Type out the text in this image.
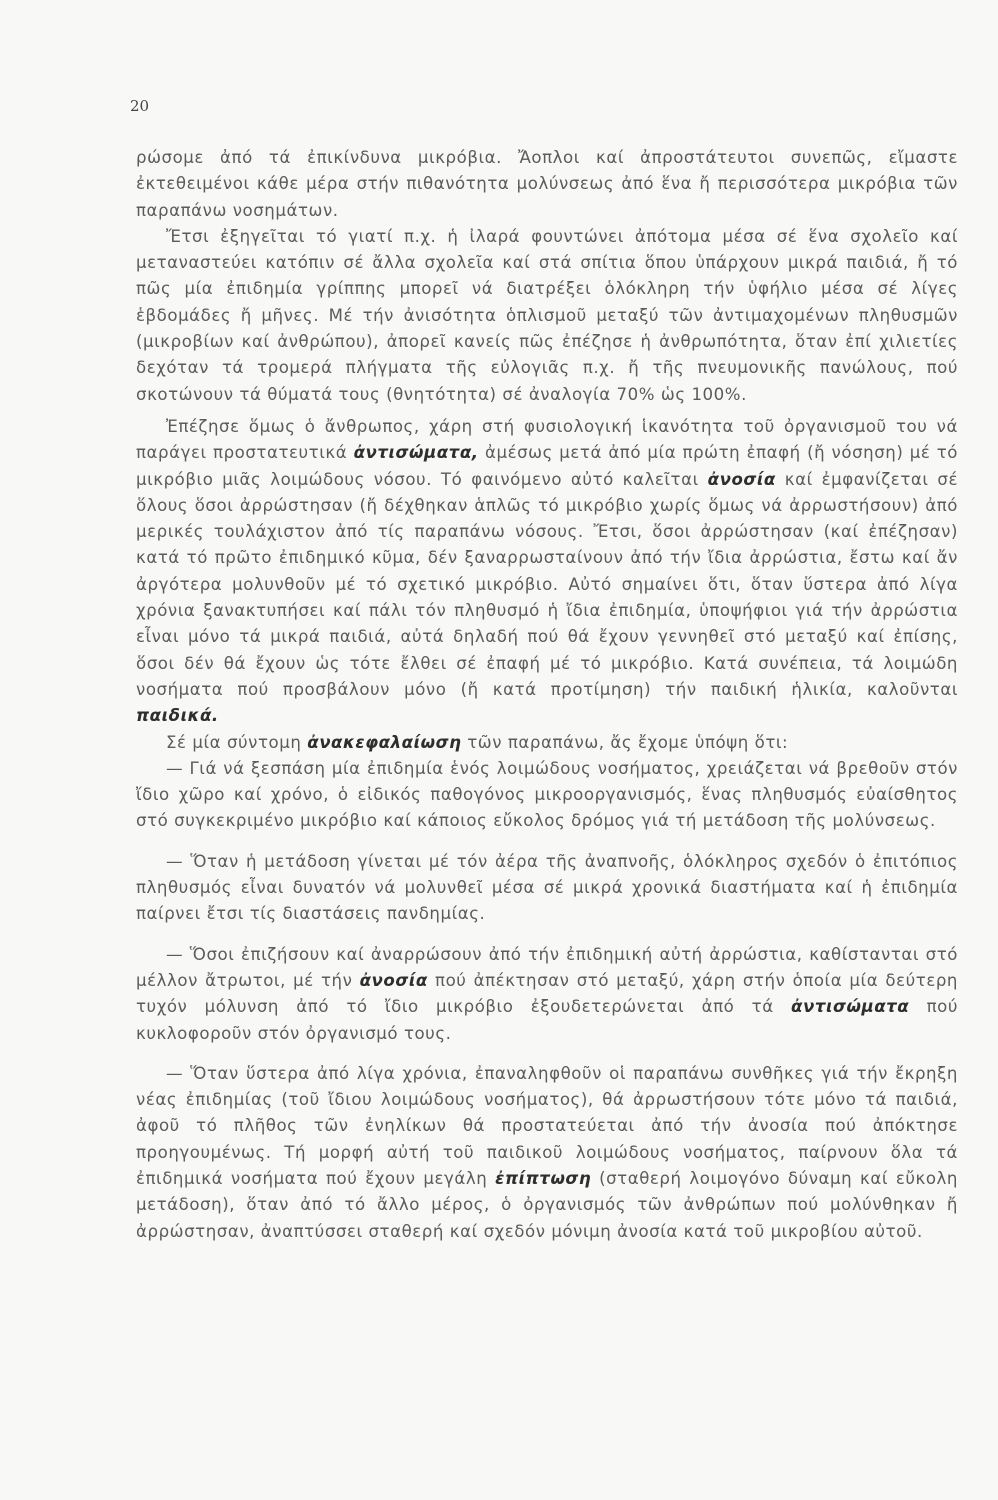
20

ρώσομε ἀπό τά ἐπικίνδυνα μικρόβια. Ἄοπλοι καί ἀπροστάτευτοι συνεπῶς, εἴμαστε ἐκτεθειμένοι κάθε μέρα στήν πιθανότητα μολύνσεως ἀπό ἕνα ἤ περισσότερα μικρόβια τῶν παραπάνω νοσημάτων.

Ἔτσι ἐξηγεῖται τό γιατί π.χ. ἡ ἰλαρά φουντώνει ἀπότομα μέσα σέ ἕνα σχολεῖο καί μεταναστεύει κατόπιν σέ ἄλλα σχολεῖα καί στά σπίτια ὅπου ὑπάρχουν μικρά παιδιά, ἤ τό πῶς μία ἐπιδημία γρίππης μπορεῖ νά διατρέξει ὁλόκληρη τήν ὑφήλιο μέσα σέ λίγες ἑβδομάδες ἤ μῆνες. Μέ τήν ἀνισότητα ὁπλισμοῦ μεταξύ τῶν ἀντιμαχομένων πληθυσμῶν (μικροβίων καί ἀνθρώπου), ἀπορεῖ κανείς πῶς ἐπέζησε ἡ ἀνθρωπότητα, ὅταν ἐπί χιλιετίες δεχόταν τά τρομερά πλήγματα τῆς εὐλογιᾶς π.χ. ἤ τῆς πνευμονικῆς πανώλους, πού σκοτώνουν τά θύματά τους (θνητότητα) σέ ἀναλογία 70% ὡς 100%.

Ἐπέζησε ὅμως ὁ ἄνθρωπος, χάρη στή φυσιολογική ἱκανότητα τοῦ ὀργανισμοῦ του νά παράγει προστατευτικά ἀντισώματα, ἀμέσως μετά ἀπό μία πρώτη ἐπαφή (ἤ νόσηση) μέ τό μικρόβιο μιᾶς λοιμώδους νόσου. Τό φαινόμενο αὐτό καλεῖται ἀνοσία καί ἐμφανίζεται σέ ὅλους ὅσοι ἀρρώστησαν (ἤ δέχθηκαν ἁπλῶς τό μικρόβιο χωρίς ὅμως νά ἀρρωστήσουν) ἀπό μερικές τουλάχιστον ἀπό τίς παραπάνω νόσους. Ἔτσι, ὅσοι ἀρρώστησαν (καί ἐπέζησαν) κατά τό πρῶτο ἐπιδημικό κῦμα, δέν ξαναρρωσταίνουν ἀπό τήν ἴδια ἀρρώστια, ἔστω καί ἄν ἀργότερα μολυνθοῦν μέ τό σχετικό μικρόβιο. Αὐτό σημαίνει ὅτι, ὅταν ὕστερα ἀπό λίγα χρόνια ξανακτυπήσει καί πάλι τόν πληθυσμό ἡ ἴδια ἐπιδημία, ὑποψήφιοι γιά τήν ἀρρώστια εἶναι μόνο τά μικρά παιδιά, αὐτά δηλαδή πού θά ἔχουν γεννηθεῖ στό μεταξύ καί ἐπίσης, ὅσοι δέν θά ἔχουν ὡς τότε ἔλθει σέ ἐπαφή μέ τό μικρόβιο. Κατά συνέπεια, τά λοιμώδη νοσήματα πού προσβάλουν μόνο (ἤ κατά προτίμηση) τήν παιδική ἡλικία, καλοῦνται παιδικά.

Σέ μία σύντομη ἀνακεφαλαίωση τῶν παραπάνω, ἄς ἔχομε ὑπόψη ὅτι:

— Γιά νά ξεσπάση μία ἐπιδημία ἑνός λοιμώδους νοσήματος, χρειάζεται νά βρεθοῦν στόν ἴδιο χῶρο καί χρόνο, ὁ εἰδικός παθογόνος μικροοργανισμός, ἕνας πληθυσμός εὐαίσθητος στό συγκεκριμένο μικρόβιο καί κάποιος εὔκολος δρόμος γιά τή μετάδοση τῆς μολύνσεως.

— Ὅταν ἡ μετάδοση γίνεται μέ τόν ἀέρα τῆς ἀναπνοῆς, ὁλόκληρος σχεδόν ὁ ἐπιτόπιος πληθυσμός εἶναι δυνατόν νά μολυνθεῖ μέσα σέ μικρά χρονικά διαστήματα καί ἡ ἐπιδημία παίρνει ἔτσι τίς διαστάσεις πανδημίας.

— Ὅσοι ἐπιζήσουν καί ἀναρρώσουν ἀπό τήν ἐπιδημική αὐτή ἀρρώστια, καθίστανται στό μέλλον ἄτρωτοι, μέ τήν ἀνοσία πού ἀπέκτησαν στό μεταξύ, χάρη στήν ὁποία μία δεύτερη τυχόν μόλυνση ἀπό τό ἴδιο μικρόβιο ἐξουδετερώνεται ἀπό τά ἀντισώματα πού κυκλοφοροῦν στόν ὀργανισμό τους.

— Ὅταν ὕστερα ἀπό λίγα χρόνια, ἐπαναληφθοῦν οἱ παραπάνω συνθῆκες γιά τήν ἔκρηξη νέας ἐπιδημίας (τοῦ ἴδιου λοιμώδους νοσήματος), θά ἀρρωστήσουν τότε μόνο τά παιδιά, ἀφοῦ τό πλῆθος τῶν ἐνηλίκων θά προστατεύεται ἀπό τήν ἀνοσία πού ἀπόκτησε προηγουμένως. Τή μορφή αὐτή τοῦ παιδικοῦ λοιμώδους νοσήματος, παίρνουν ὅλα τά ἐπιδημικά νοσήματα πού ἔχουν μεγάλη ἐπίπτωση (σταθερή λοιμογόνο δύναμη καί εὔκολη μετάδοση), ὅταν ἀπό τό ἄλλο μέρος, ὁ ὀργανισμός τῶν ἀνθρώπων πού μολύνθηκαν ἤ ἀρρώστησαν, ἀναπτύσσει σταθερή καί σχεδόν μόνιμη ἀνοσία κατά τοῦ μικροβίου αὐτοῦ.
